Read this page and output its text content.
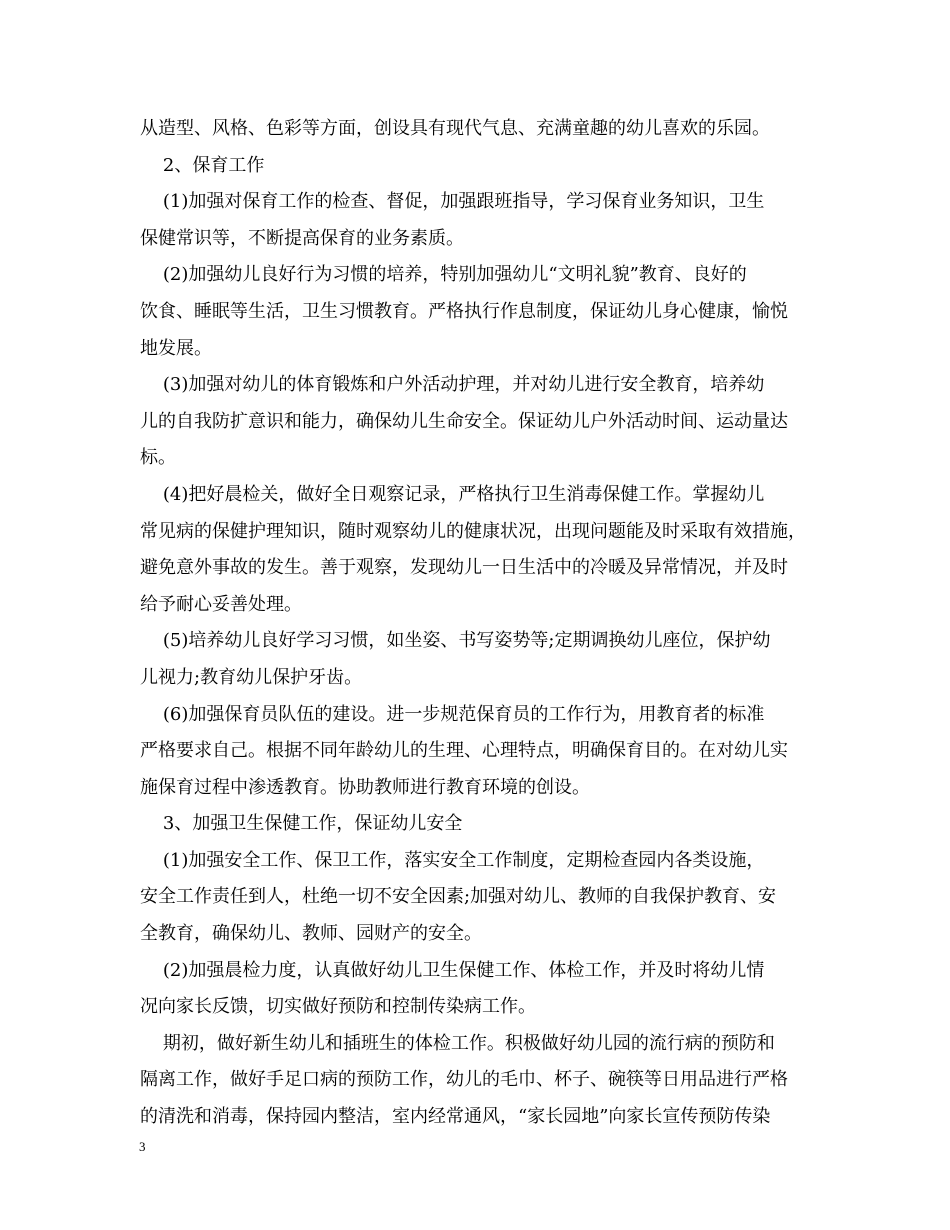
从造型、风格、色彩等方面，创设具有现代气息、充满童趣的幼儿喜欢的乐园。

2、保育工作

(1)加强对保育工作的检查、督促，加强跟班指导，学习保育业务知识，卫生
保健常识等，不断提高保育的业务素质。

(2)加强幼儿良好行为习惯的培养，特别加强幼儿“文明礼貌”教育、良好的
饮食、睡眠等生活，卫生习惯教育。严格执行作息制度，保证幼儿身心健康，愉悦
地发展。

(3)加强对幼儿的体育锻炼和户外活动护理，并对幼儿进行安全教育，培养幼
儿的自我防扩意识和能力，确保幼儿生命安全。保证幼儿户外活动时间、运动量达
标。

(4)把好晨检关，做好全日观察记录，严格执行卫生消毒保健工作。掌握幼儿
常见病的保健护理知识，随时观察幼儿的健康状况，出现问题能及时采取有效措施，
避免意外事故的发生。善于观察，发现幼儿一日生活中的冷暖及异常情况，并及时
给予耐心妥善处理。

(5)培养幼儿良好学习习惯，如坐姿、书写姿势等;定期调换幼儿座位，保护幼
儿视力;教育幼儿保护牙齿。

(6)加强保育员队伍的建设。进一步规范保育员的工作行为，用教育者的标准
严格要求自己。根据不同年龄幼儿的生理、心理特点，明确保育目的。在对幼儿实
施保育过程中渗透教育。协助教师进行教育环境的创设。

3、加强卫生保健工作，保证幼儿安全

(1)加强安全工作、保卫工作，落实安全工作制度，定期检查园内各类设施，
安全工作责任到人，杜绝一切不安全因素;加强对幼儿、教师的自我保护教育、安
全教育，确保幼儿、教师、园财产的安全。

(2)加强晨检力度，认真做好幼儿卫生保健工作、体检工作，并及时将幼儿情
况向家长反馈，切实做好预防和控制传染病工作。

期初，做好新生幼儿和插班生的体检工作。积极做好幼儿园的流行病的预防和
隔离工作，做好手足口病的预防工作，幼儿的毛巾、杯子、碗筷等日用品进行严格
的清洗和消毒，保持园内整洁，室内经常通风，“家长园地”向家长宣传预防传染

3
